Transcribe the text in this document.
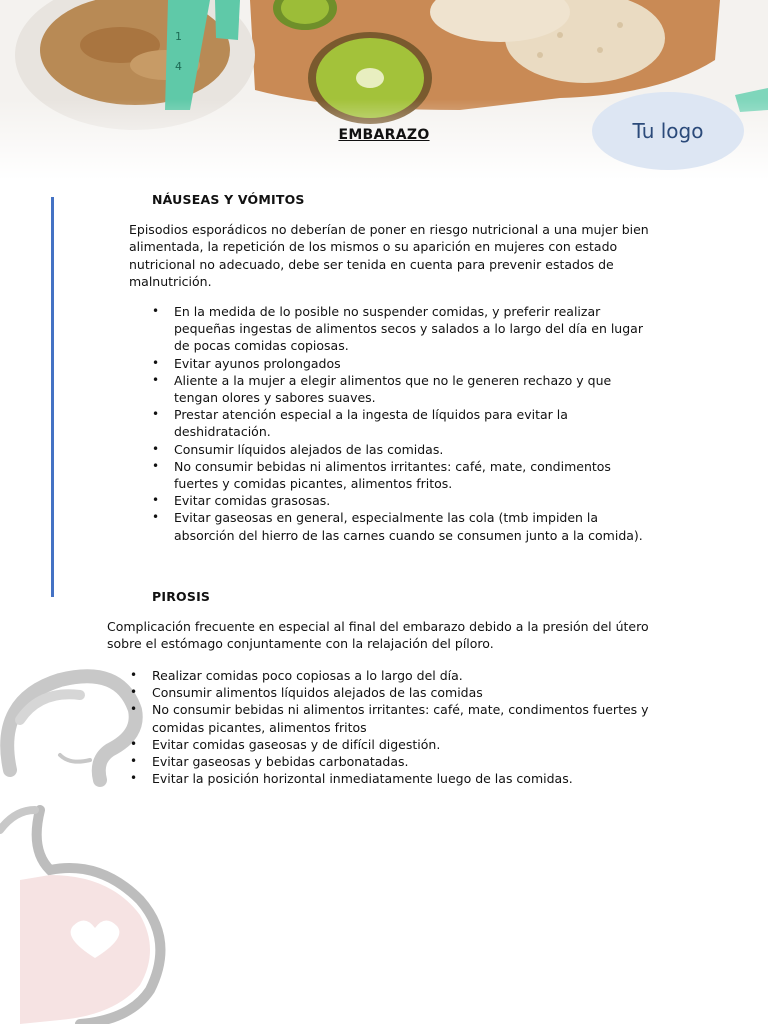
Tu logo
EMBARAZO
NÁUSEAS Y VÓMITOS
Episodios esporádicos no deberían de poner en riesgo nutricional a una mujer bien
alimentada, la repetición de los mismos o su aparición en mujeres con estado
nutricional no adecuado, debe ser tenida en cuenta para prevenir estados de
malnutrición.
• En la medida de lo posible no suspender comidas, y preferir realizar
pequeñas ingestas de alimentos secos y salados a lo largo del día en lugar
de pocas comidas copiosas.
• Evitar ayunos prolongados
• Aliente a la mujer a elegir alimentos que no le generen rechazo y que
tengan olores y sabores suaves.
• Prestar atención especial a la ingesta de líquidos para evitar la
deshidratación.
• Consumir líquidos alejados de las comidas.
• No consumir bebidas ni alimentos irritantes: café, mate, condimentos
fuertes y comidas picantes, alimentos fritos.
• Evitar comidas grasosas.
• Evitar gaseosas en general, especialmente las cola (tmb impiden la
absorción del hierro de las carnes cuando se consumen junto a la comida).
PIROSIS
Complicación frecuente en especial al final del embarazo debido a la presión del útero
sobre el estómago conjuntamente con la relajación del píloro.
• Realizar comidas poco copiosas a lo largo del día.
• Consumir alimentos líquidos alejados de las comidas
• No consumir bebidas ni alimentos irritantes: café, mate, condimentos fuertes y
comidas picantes, alimentos fritos
• Evitar comidas gaseosas y de difícil digestión.
• Evitar gaseosas y bebidas carbonatadas.
• Evitar la posición horizontal inmediatamente luego de las comidas.
